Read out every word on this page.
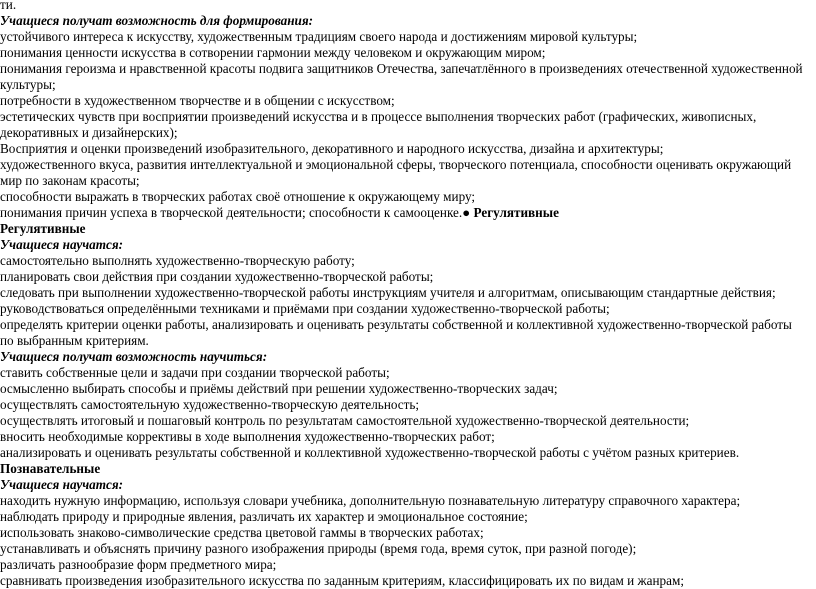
ти.

Учащиеся получат возможность для формирования:

устойчивого интереса к искусству, художественным традициям своего народа и достижениям мировой культуры;

понимания ценности искусства в сотворении гармонии между человеком и окружающим миром;

понимания героизма и нравственной красоты подвига защитников Отечества, запечатлённого в произведениях отечественной художественной культуры;

потребности в художественном творчестве и в общении с искусством;

эстетических чувств при восприятии произведений искусства и в процессе выполнения творческих работ (графических, живописных, декоративных и дизайнерских);

Восприятия и оценки произведений изобразительного, декоративного и народного искусства, дизайна и архитектуры;

художественного вкуса, развития интеллектуальной и эмоциональной сферы, творческого потенциала, способности оценивать окружающий мир по законам красоты;

способности выражать в творческих работах своё отношение к окружающему миру;

понимания причин успеха в творческой деятельности; способности к самооценке.● Регулятивные

Регулятивные

Учащиеся научатся:

самостоятельно выполнять художественно-творческую работу;

планировать свои действия при создании художественно-творческой работы;

следовать при выполнении художественно-творческой работы инструкциям учителя и алгоритмам, описывающим стандартные действия;

руководствоваться определёнными техниками и приёмами при создании художественно-творческой работы;

определять критерии оценки работы, анализировать и оценивать результаты собственной и коллективной художественно-творческой работы по выбранным критериям.

Учащиеся получат возможность научиться:

ставить собственные цели и задачи при создании творческой работы;

осмысленно выбирать способы и приёмы действий при решении художественно-творческих задач;

осуществлять самостоятельную художественно-творческую деятельность;

осуществлять итоговый и пошаговый контроль по результатам самостоятельной художественно-творческой деятельности;

вносить необходимые коррективы в ходе выполнения художественно-творческих работ;

анализировать и оценивать результаты собственной и коллективной художественно-творческой работы с учётом разных критериев.

Познавательные

Учащиеся научатся:

находить нужную информацию, используя словари учебника, дополнительную познавательную литературу справочного характера;

наблюдать природу и природные явления, различать их характер и эмоциональное состояние;

использовать знаково-символические средства цветовой гаммы в творческих работах;

устанавливать и объяснять причину разного изображения природы (время года, время суток, при разной погоде);

различать разнообразие форм предметного мира;

сравнивать произведения изобразительного искусства по заданным критериям, классифицировать их по видам и жанрам;
